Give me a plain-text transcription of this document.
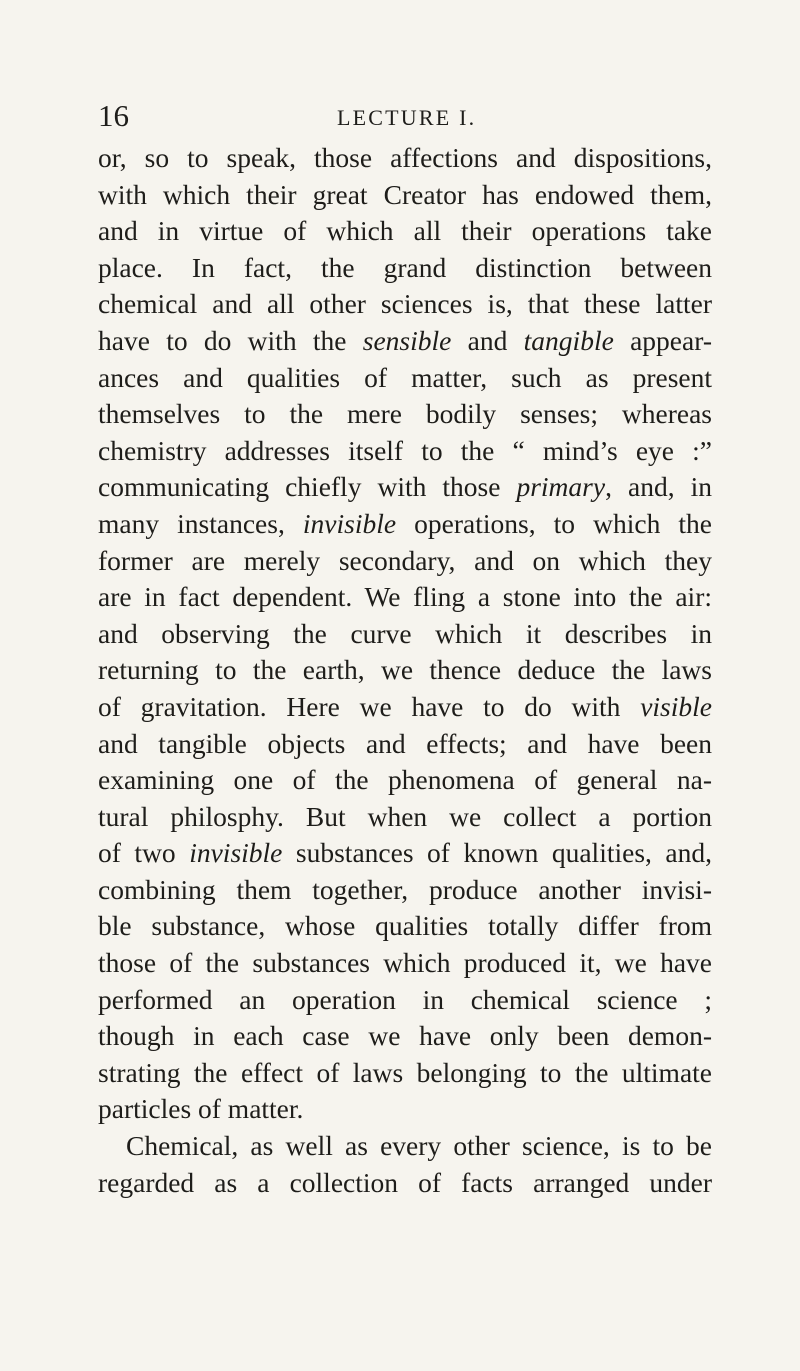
16	LECTURE I.
or, so to speak, those affections and dispositions,
with which their great Creator has endowed them,
and in virtue of which all their operations take
place. In fact, the grand distinction between
chemical and all other sciences is, that these latter
have to do with the sensible and tangible appear-
ances and qualities of matter, such as present
themselves to the mere bodily senses; whereas
chemistry addresses itself to the “ mind’s eye :”
communicating chiefly with those primary, and, in
many instances, invisible operations, to which the
former are merely secondary, and on which they
are in fact dependent. We fling a stone into the air:
and observing the curve which it describes in
returning to the earth, we thence deduce the laws
of gravitation. Here we have to do with visible
and tangible objects and effects; and have been
examining one of the phenomena of general na-
tural philosphy. But when we collect a portion
of two invisible substances of known qualities, and,
combining them together, produce another invisi-
ble substance, whose qualities totally differ from
those of the substances which produced it, we have
performed an operation in chemical science ;
though in each case we have only been demon-
strating the effect of laws belonging to the ultimate
particles of matter.
Chemical, as well as every other science, is to be
regarded as a collection of facts arranged under
